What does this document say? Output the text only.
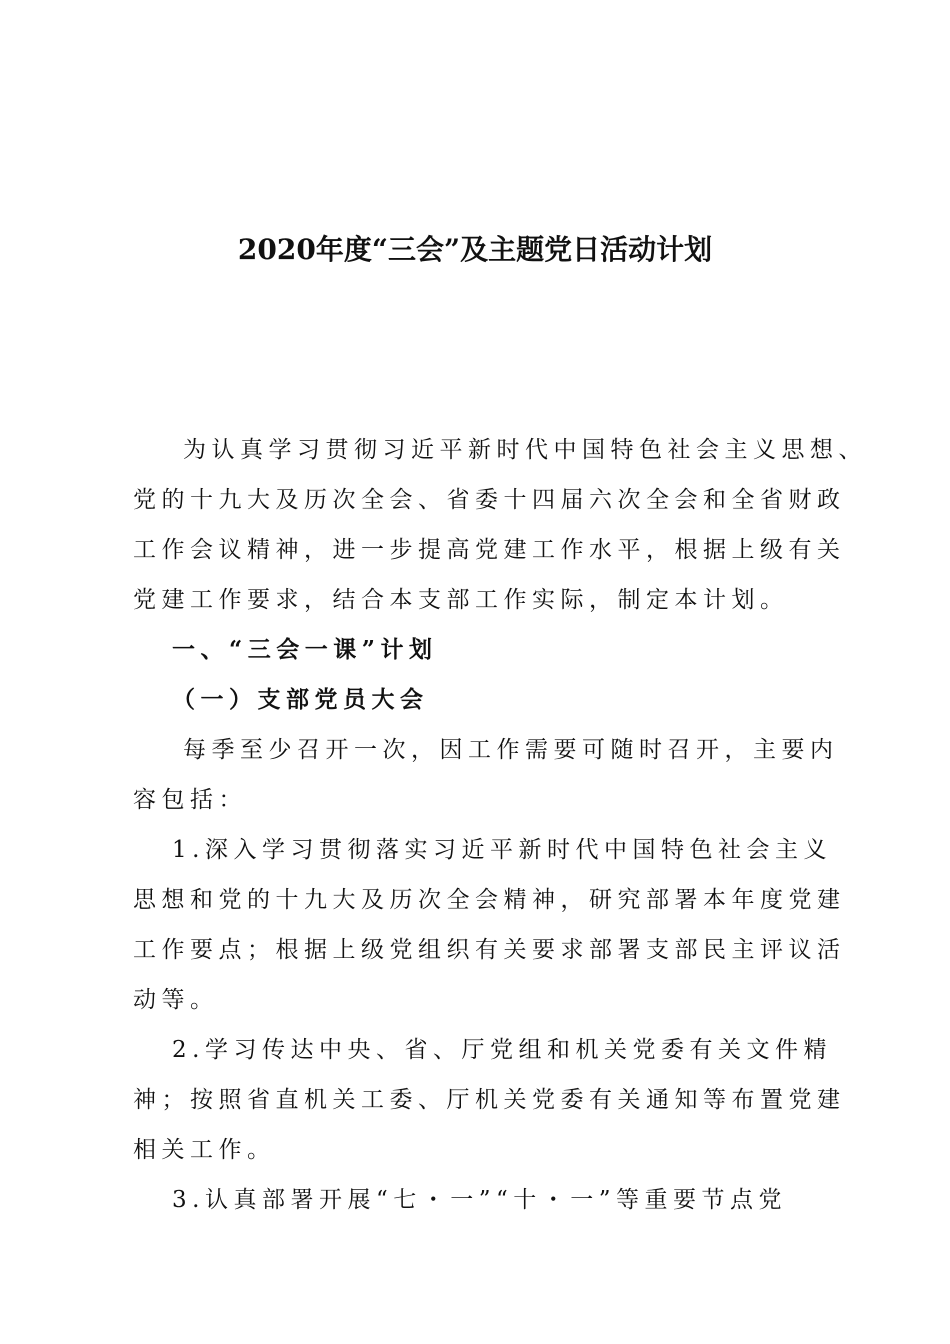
2020年度“三会”及主题党日活动计划
为认真学习贯彻习近平新时代中国特色社会主义思想、
党的十九大及历次全会、省委十四届六次全会和全省财政
工作会议精神，进一步提高党建工作水平，根据上级有关
党建工作要求，结合本支部工作实际，制定本计划。
一、“三会一课”计划
（一）支部党员大会
每季至少召开一次，因工作需要可随时召开，主要内
容包括：
1.深入学习贯彻落实习近平新时代中国特色社会主义
思想和党的十九大及历次全会精神，研究部署本年度党建
工作要点；根据上级党组织有关要求部署支部民主评议活
动等。
2.学习传达中央、省、厅党组和机关党委有关文件精
神；按照省直机关工委、厅机关党委有关通知等布置党建
相关工作。
3.认真部署开展“七・一”“十・一”等重要节点党
